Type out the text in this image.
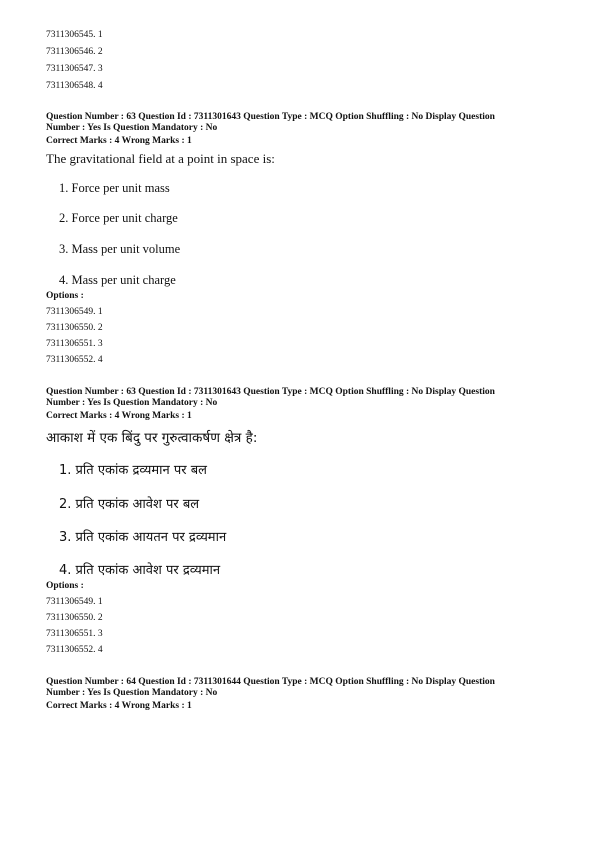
7311306545. 1
7311306546. 2
7311306547. 3
7311306548. 4
Question Number : 63 Question Id : 7311301643 Question Type : MCQ Option Shuffling : No Display Question
Number : Yes Is Question Mandatory : No
Correct Marks : 4 Wrong Marks : 1
The gravitational field at a point in space is:
1. Force per unit mass
2. Force per unit charge
3. Mass per unit volume
4. Mass per unit charge
Options :
7311306549. 1
7311306550. 2
7311306551. 3
7311306552. 4
Question Number : 63 Question Id : 7311301643 Question Type : MCQ Option Shuffling : No Display Question
Number : Yes Is Question Mandatory : No
Correct Marks : 4 Wrong Marks : 1
आकाश में एक बिंदु पर गुरुत्वाकर्षण क्षेत्र है:
1. प्रति एकांक द्रव्यमान पर बल
2. प्रति एकांक आवेश पर बल
3. प्रति एकांक आयतन पर द्रव्यमान
4. प्रति एकांक आवेश पर द्रव्यमान
Options :
7311306549. 1
7311306550. 2
7311306551. 3
7311306552. 4
Question Number : 64 Question Id : 7311301644 Question Type : MCQ Option Shuffling : No Display Question
Number : Yes Is Question Mandatory : No
Correct Marks : 4 Wrong Marks : 1
